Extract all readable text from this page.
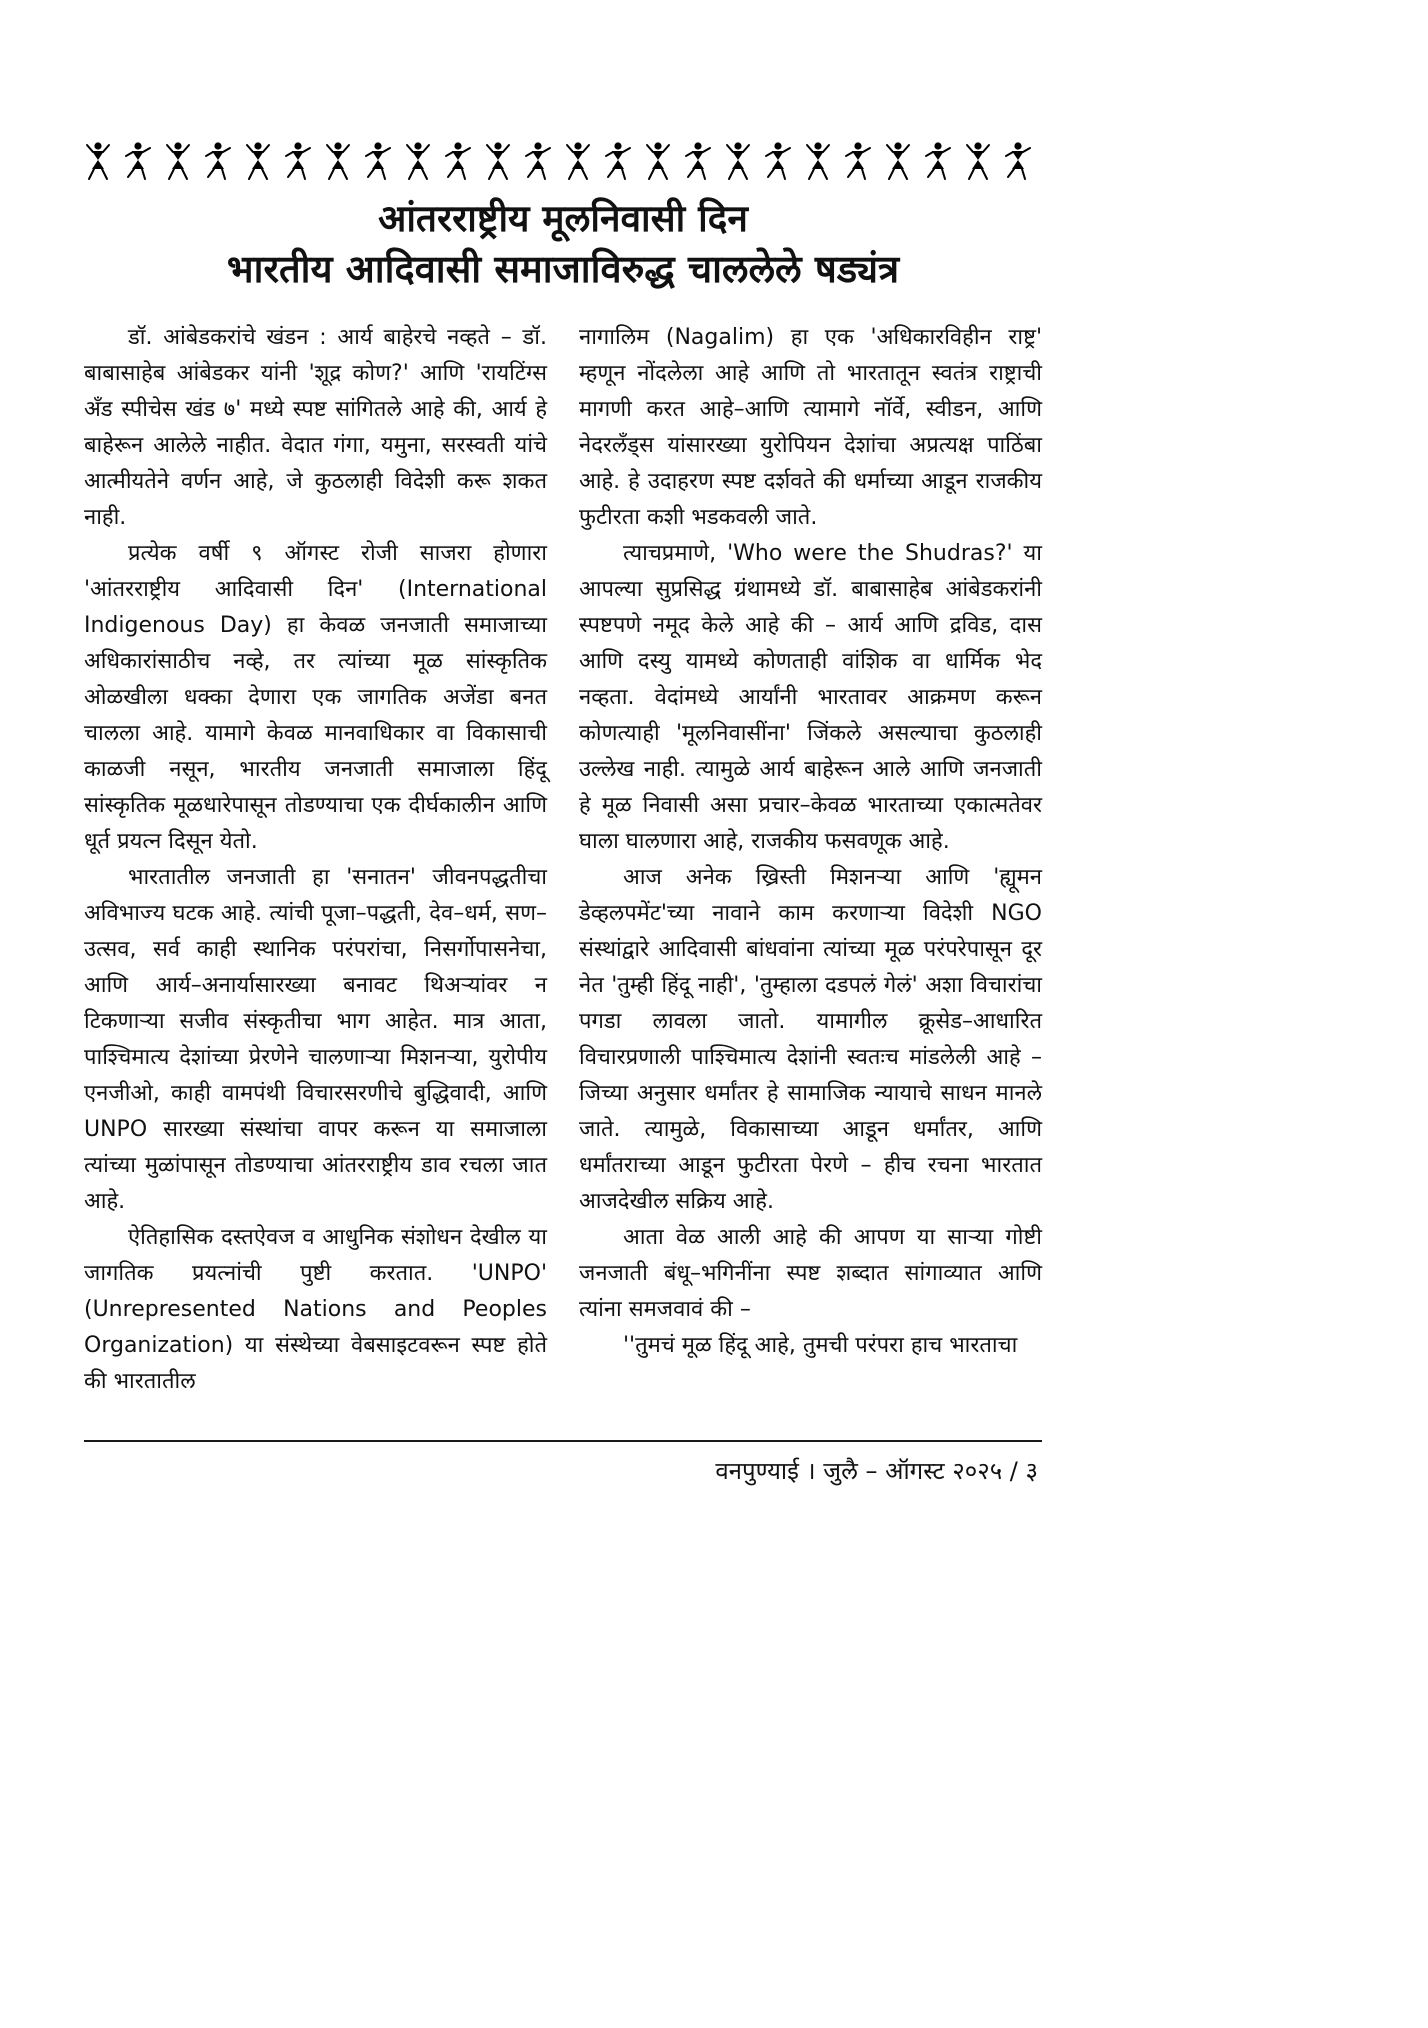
आंतरराष्ट्रीय मूलनिवासी दिन
भारतीय आदिवासी समाजाविरुद्ध चाललेले षड्यंत्र

डॉ. आंबेडकरांचे खंडन : आर्य बाहेरचे नव्हते – डॉ. बाबासाहेब आंबेडकर यांनी 'शूद्र कोण?' आणि 'रायटिंग्स अँड स्पीचेस खंड ७' मध्ये स्पष्ट सांगितले आहे की, आर्य हे बाहेरून आलेले नाहीत. वेदात गंगा, यमुना, सरस्वती यांचे आत्मीयतेने वर्णन आहे, जे कुठलाही विदेशी करू शकत नाही.

प्रत्येक वर्षी ९ ऑगस्ट रोजी साजरा होणारा 'आंतरराष्ट्रीय आदिवासी दिन' (International Indigenous Day) हा केवळ जनजाती समाजाच्या अधिकारांसाठीच नव्हे, तर त्यांच्या मूळ सांस्कृतिक ओळखीला धक्का देणारा एक जागतिक अजेंडा बनत चालला आहे. यामागे केवळ मानवाधिकार वा विकासाची काळजी नसून, भारतीय जनजाती समाजाला हिंदू सांस्कृतिक मूळधारेपासून तोडण्याचा एक दीर्घकालीन आणि धूर्त प्रयत्न दिसून येतो.

भारतातील जनजाती हा 'सनातन' जीवनपद्धतीचा अविभाज्य घटक आहे. त्यांची पूजा–पद्धती, देव–धर्म, सण–उत्सव, सर्व काही स्थानिक परंपरांचा, निसर्गोपासनेचा, आणि आर्य–अनार्यासारख्या बनावट थिअऱ्यांवर न टिकणाऱ्या सजीव संस्कृतीचा भाग आहेत. मात्र आता, पाश्चिमात्य देशांच्या प्रेरणेने चालणाऱ्या मिशनऱ्या, युरोपीय एनजीओ, काही वामपंथी विचारसरणीचे बुद्धिवादी, आणि UNPO सारख्या संस्थांचा वापर करून या समाजाला त्यांच्या मुळांपासून तोडण्याचा आंतरराष्ट्रीय डाव रचला जात आहे.

ऐतिहासिक दस्तऐवज व आधुनिक संशोधन देखील या जागतिक प्रयत्नांची पुष्टी करतात. 'UNPO' (Unrepresented Nations and Peoples Organization) या संस्थेच्या वेबसाइटवरून स्पष्ट होते की भारतातील

नागालिम (Nagalim) हा एक 'अधिकारविहीन राष्ट्र' म्हणून नोंदलेला आहे आणि तो भारतातून स्वतंत्र राष्ट्राची मागणी करत आहे–आणि त्यामागे नॉर्वे, स्वीडन, आणि नेदरलँड्स यांसारख्या युरोपियन देशांचा अप्रत्यक्ष पाठिंबा आहे. हे उदाहरण स्पष्ट दर्शवते की धर्माच्या आडून राजकीय फुटीरता कशी भडकवली जाते.

त्याचप्रमाणे, 'Who were the Shudras?' या आपल्या सुप्रसिद्ध ग्रंथामध्ये डॉ. बाबासाहेब आंबेडकरांनी स्पष्टपणे नमूद केले आहे की – आर्य आणि द्रविड, दास आणि दस्यु यामध्ये कोणताही वांशिक वा धार्मिक भेद नव्हता. वेदांमध्ये आर्यांनी भारतावर आक्रमण करून कोणत्याही 'मूलनिवासींना' जिंकले असल्याचा कुठलाही उल्लेख नाही. त्यामुळे आर्य बाहेरून आले आणि जनजाती हे मूळ निवासी असा प्रचार–केवळ भारताच्या एकात्मतेवर घाला घालणारा आहे, राजकीय फसवणूक आहे.

आज अनेक ख्रिस्ती मिशनऱ्या आणि 'ह्यूमन डेव्हलपमेंट'च्या नावाने काम करणाऱ्या विदेशी NGO संस्थांद्वारे आदिवासी बांधवांना त्यांच्या मूळ परंपरेपासून दूर नेत 'तुम्ही हिंदू नाही', 'तुम्हाला दडपलं गेलं' अशा विचारांचा पगडा लावला जातो. यामागील क्रूसेड–आधारित विचारप्रणाली पाश्चिमात्य देशांनी स्वतःच मांडलेली आहे – जिच्या अनुसार धर्मांतर हे सामाजिक न्यायाचे साधन मानले जाते. त्यामुळे, विकासाच्या आडून धर्मांतर, आणि धर्मांतराच्या आडून फुटीरता पेरणे – हीच रचना भारतात आजदेखील सक्रिय आहे.

आता वेळ आली आहे की आपण या साऱ्या गोष्टी जनजाती बंधू–भगिनींना स्पष्ट शब्दात सांगाव्यात आणि त्यांना समजवावं की –

''तुमचं मूळ हिंदू आहे, तुमची परंपरा हाच भारताचा

वनपुण्याई । जुलै – ऑगस्ट २०२५ / ३
